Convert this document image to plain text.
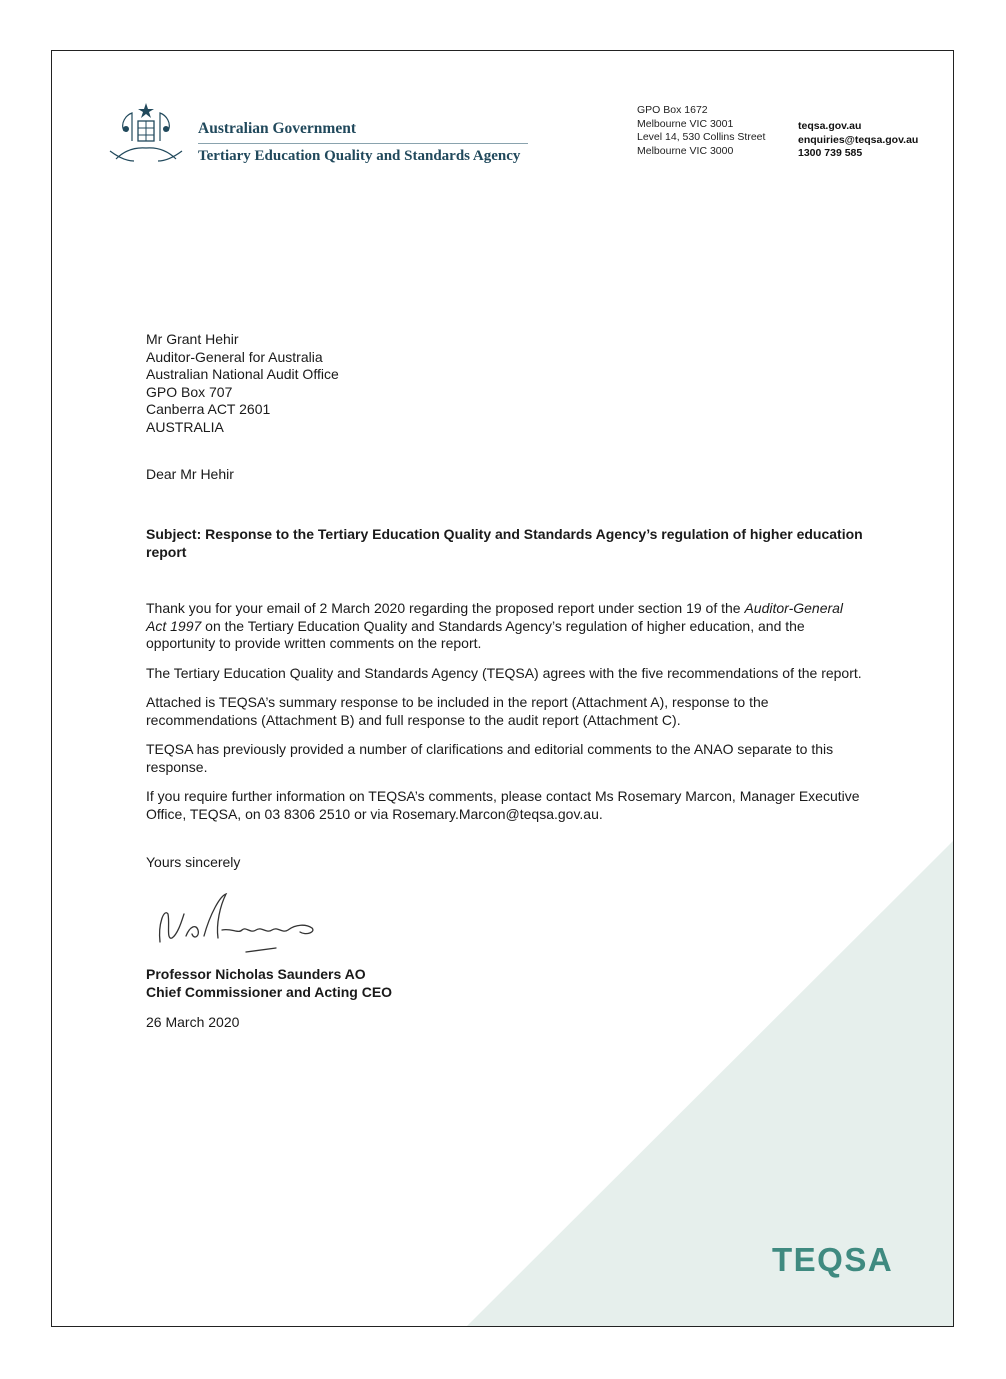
Australian Government
Tertiary Education Quality and Standards Agency
GPO Box 1672
Melbourne VIC 3001
Level 14, 530 Collins Street
Melbourne VIC 3000
teqsa.gov.au
enquiries@teqsa.gov.au
1300 739 585
Mr Grant Hehir
Auditor-General for Australia
Australian National Audit Office
GPO Box 707
Canberra ACT 2601
AUSTRALIA
Dear Mr Hehir
Subject: Response to the Tertiary Education Quality and Standards Agency’s regulation of higher education report

Thank you for your email of 2 March 2020 regarding the proposed report under section 19 of the Auditor-General Act 1997 on the Tertiary Education Quality and Standards Agency’s regulation of higher education, and the opportunity to provide written comments on the report.

The Tertiary Education Quality and Standards Agency (TEQSA) agrees with the five recommendations of the report.

Attached is TEQSA’s summary response to be included in the report (Attachment A), response to the recommendations (Attachment B) and full response to the audit report (Attachment C).

TEQSA has previously provided a number of clarifications and editorial comments to the ANAO separate to this response.

If you require further information on TEQSA’s comments, please contact Ms Rosemary Marcon, Manager Executive Office, TEQSA, on 03 8306 2510 or via Rosemary.Marcon@teqsa.gov.au.

Yours sincerely
Professor Nicholas Saunders AO
Chief Commissioner and Acting CEO
26 March 2020
TEQSA
